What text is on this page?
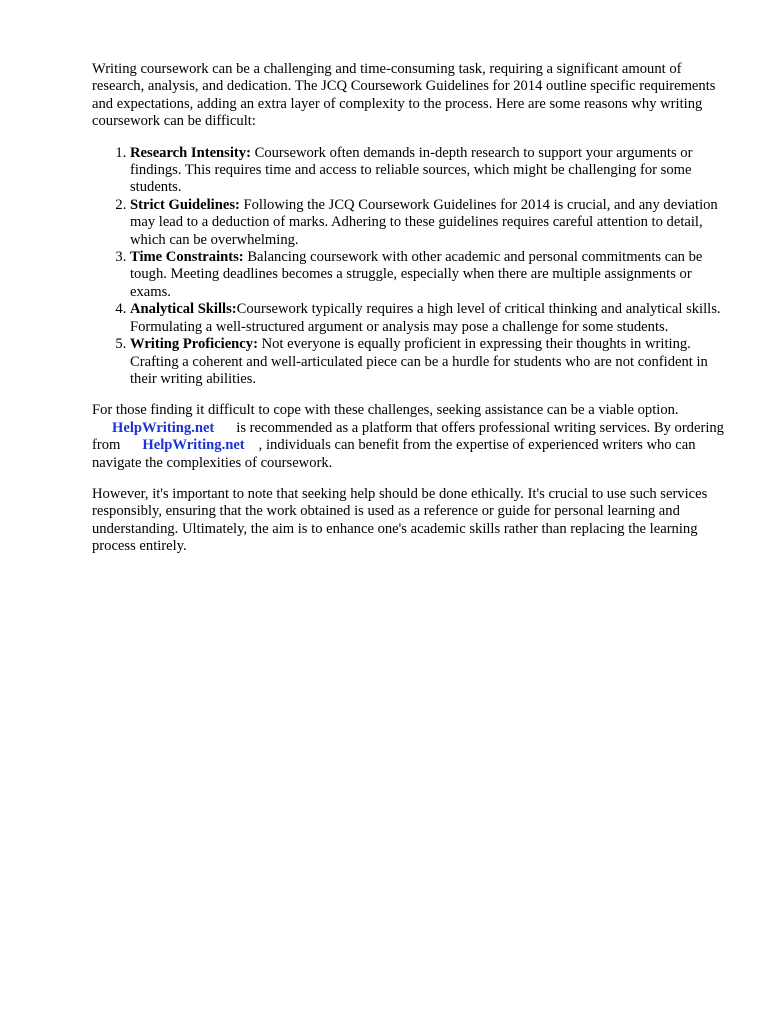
Writing coursework can be a challenging and time-consuming task, requiring a significant amount of research, analysis, and dedication. The JCQ Coursework Guidelines for 2014 outline specific requirements and expectations, adding an extra layer of complexity to the process. Here are some reasons why writing coursework can be difficult:

1. Research Intensity: Coursework often demands in-depth research to support your arguments or findings. This requires time and access to reliable sources, which might be challenging for some students.
2. Strict Guidelines: Following the JCQ Coursework Guidelines for 2014 is crucial, and any deviation may lead to a deduction of marks. Adhering to these guidelines requires careful attention to detail, which can be overwhelming.
3. Time Constraints: Balancing coursework with other academic and personal commitments can be tough. Meeting deadlines becomes a struggle, especially when there are multiple assignments or exams.
4. Analytical Skills:Coursework typically requires a high level of critical thinking and analytical skills. Formulating a well-structured argument or analysis may pose a challenge for some students.
5. Writing Proficiency: Not everyone is equally proficient in expressing their thoughts in writing. Crafting a coherent and well-articulated piece can be a hurdle for students who are not confident in their writing abilities.

For those finding it difficult to cope with these challenges, seeking assistance can be a viable option.
HelpWriting.net is recommended as a platform that offers professional writing services. By ordering from HelpWriting.net , individuals can benefit from the expertise of experienced writers who can navigate the complexities of coursework.

However, it's important to note that seeking help should be done ethically. It's crucial to use such services responsibly, ensuring that the work obtained is used as a reference or guide for personal learning and understanding. Ultimately, the aim is to enhance one's academic skills rather than replacing the learning process entirely.
